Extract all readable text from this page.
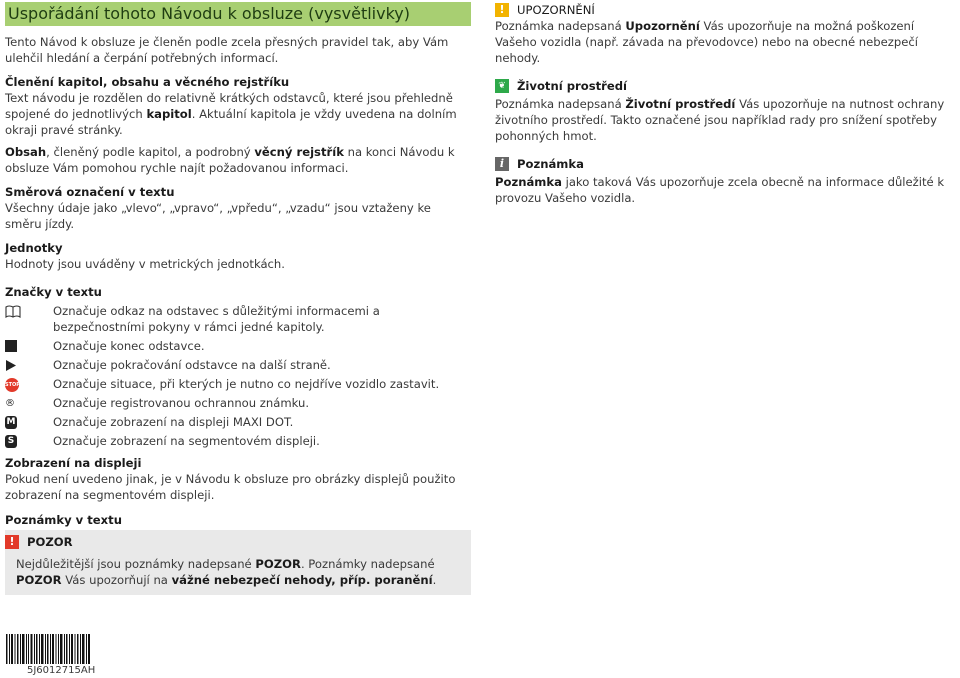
Uspořádání tohoto Návodu k obsluze (vysvětlivky)

Tento Návod k obsluze je členěn podle zcela přesných pravidel tak, aby Vám ulehčil hledání a čerpání potřebných informací.

Členění kapitol, obsahu a věcného rejstříku

Text návodu je rozdělen do relativně krátkých odstavců, které jsou přehledně spojené do jednotlivých kapitol. Aktuální kapitola je vždy uvedena na dolním okraji pravé stránky.

Obsah, členěný podle kapitol, a podrobný věcný rejstřík na konci Návodu k obsluze Vám pomohou rychle najít požadovanou informaci.

Směrová označení v textu

Všechny údaje jako „vlevo“, „vpravo“, „vpředu“, „vzadu“ jsou vztaženy ke směru jízdy.

Jednotky

Hodnoty jsou uváděny v metrických jednotkách.

Značky v textu

Označuje odkaz na odstavec s důležitými informacemi a bezpečnostními pokyny v rámci jedné kapitoly.
Označuje konec odstavce.
Označuje pokračování odstavce na další straně.
STOP	Označuje situace, při kterých je nutno co nejdříve vozidlo zastavit.
®	Označuje registrovanou ochrannou známku.
M	Označuje zobrazení na displeji MAXI DOT.
S	Označuje zobrazení na segmentovém displeji.

Zobrazení na displeji

Pokud není uvedeno jinak, je v Návodu k obsluze pro obrázky displejů použito zobrazení na segmentovém displeji.

Poznámky v textu

!	POZOR

Nejdůležitější jsou poznámky nadepsané POZOR. Poznámky nadepsané POZOR Vás upozorňují na vážné nebezpečí nehody, příp. poranění.

!	UPOZORNĚNÍ

Poznámka nadepsaná Upozornění Vás upozorňuje na možná poškození Vašeho vozidla (např. závada na převodovce) nebo na obecné nebezpečí nehody.

❦ Životní prostředí

Poznámka nadepsaná Životní prostředí Vás upozorňuje na nutnost ochrany životního prostředí. Takto označené jsou například rady pro snížení spotřeby pohonných hmot.

i	Poznámka

Poznámka jako taková Vás upozorňuje zcela obecně na informace důležité k provozu Vašeho vozidla.

5J6012715AH
